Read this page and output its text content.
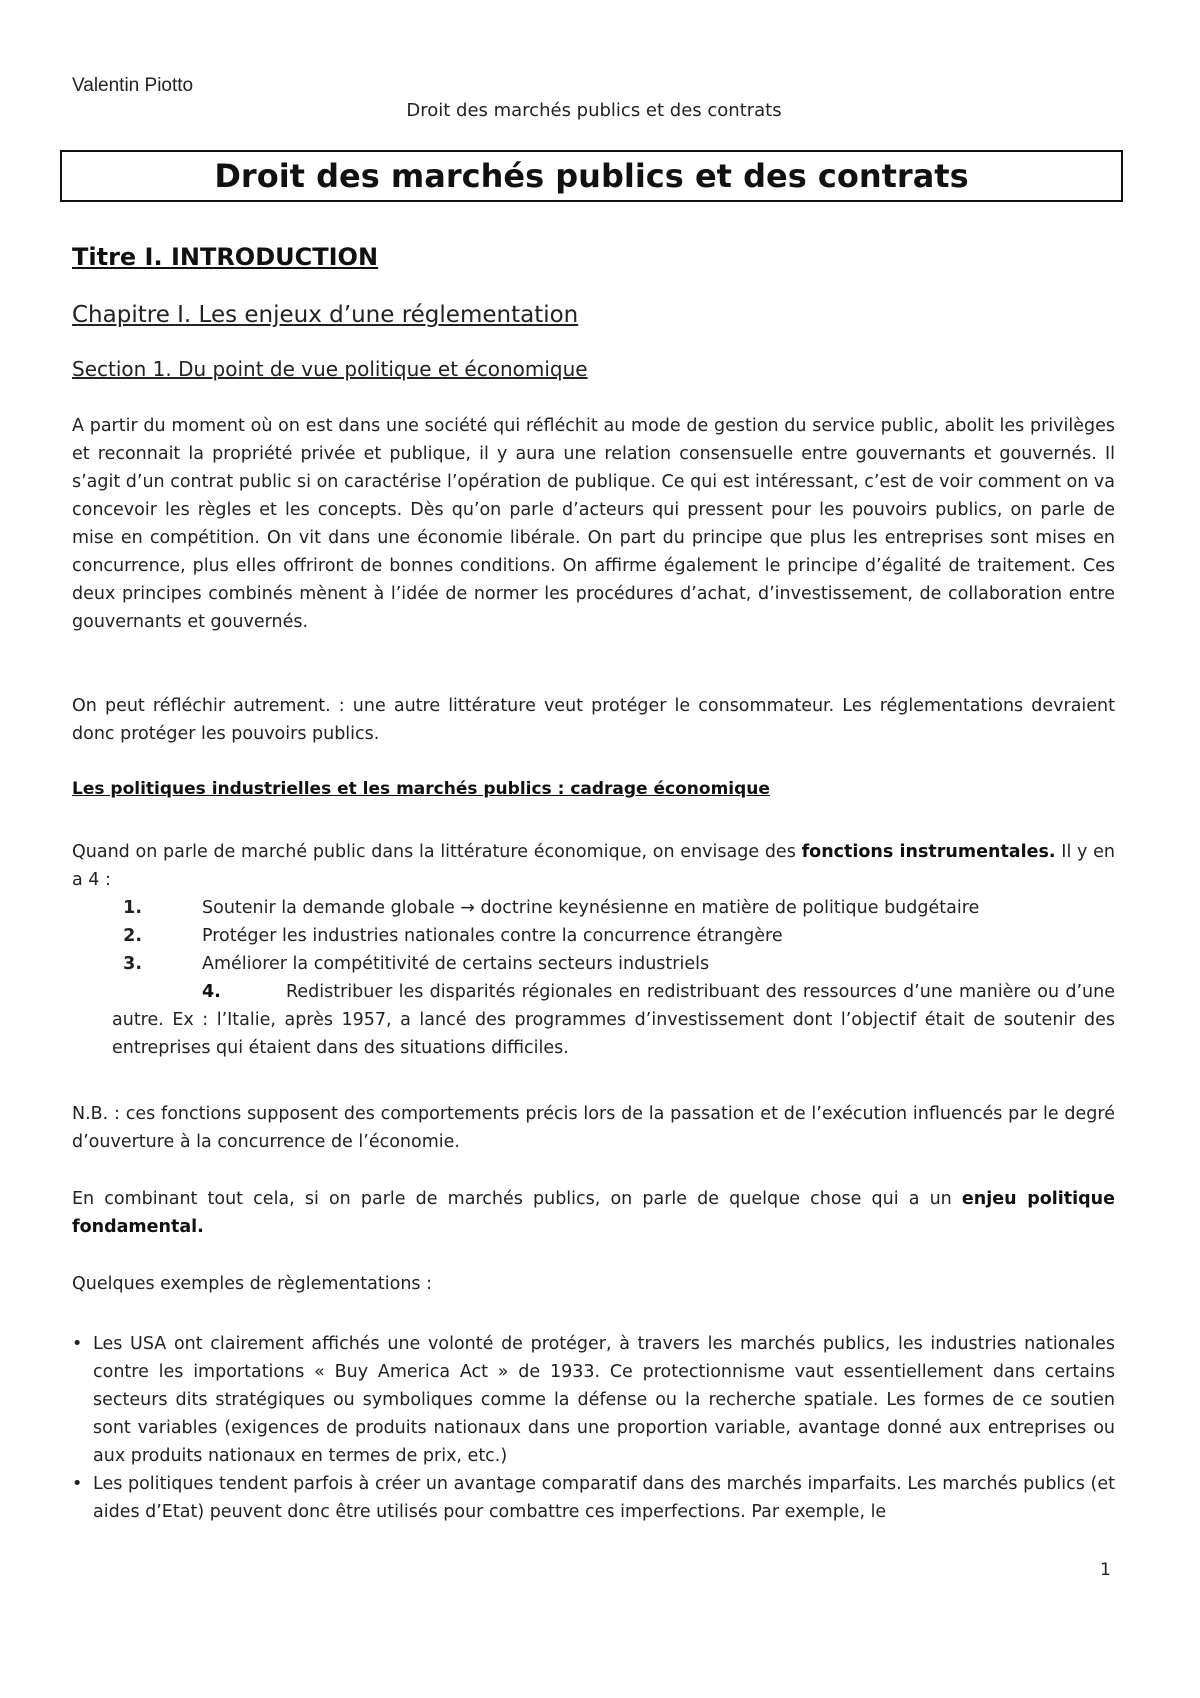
Valentin Piotto
Droit des marchés publics et des contrats
Droit des marchés publics et des contrats
Titre I. INTRODUCTION
Chapitre I. Les enjeux d’une réglementation
Section 1. Du point de vue politique et économique

A partir du moment où on est dans une société qui réfléchit au mode de gestion du service public, abolit les privilèges et reconnait la propriété privée et publique, il y aura une relation consensuelle entre gouvernants et gouvernés. Il s’agit d’un contrat public si on caractérise l’opération de publique. Ce qui est intéressant, c’est de voir comment on va concevoir les règles et les concepts. Dès qu’on parle d’acteurs qui pressent pour les pouvoirs publics, on parle de mise en compétition. On vit dans une économie libérale. On part du principe que plus les entreprises sont mises en concurrence, plus elles offriront de bonnes conditions. On affirme également le principe d’égalité de traitement. Ces deux principes combinés mènent à l’idée de normer les procédures d’achat, d’investissement, de collaboration entre gouvernants et gouvernés.

On peut réfléchir autrement. : une autre littérature veut protéger le consommateur. Les réglementations devraient donc protéger les pouvoirs publics.

Les politiques industrielles et les marchés publics : cadrage économique

Quand on parle de marché public dans la littérature économique, on envisage des fonctions instrumentales. Il y en a 4 :

1.	Soutenir la demande globale → doctrine keynésienne en matière de politique budgétaire
2.	Protéger les industries nationales contre la concurrence étrangère
3.	Améliorer la compétitivité de certains secteurs industriels
4.	Redistribuer les disparités régionales en redistribuant des ressources d’une manière ou d’une autre. Ex : l’Italie, après 1957, a lancé des programmes d’investissement dont l’objectif était de soutenir des entreprises qui étaient dans des situations difficiles.

N.B. : ces fonctions supposent des comportements précis lors de la passation et de l’exécution influencés par le degré d’ouverture à la concurrence de l’économie.

En combinant tout cela, si on parle de marchés publics, on parle de quelque chose qui a un enjeu politique fondamental.

Quelques exemples de règlementations :

• Les USA ont clairement affichés une volonté de protéger, à travers les marchés publics, les industries nationales contre les importations « Buy America Act » de 1933. Ce protectionnisme vaut essentiellement dans certains secteurs dits stratégiques ou symboliques comme la défense ou la recherche spatiale. Les formes de ce soutien sont variables (exigences de produits nationaux dans une proportion variable, avantage donné aux entreprises ou aux produits nationaux en termes de prix, etc.)
• Les politiques tendent parfois à créer un avantage comparatif dans des marchés imparfaits. Les marchés publics (et aides d’Etat) peuvent donc être utilisés pour combattre ces imperfections. Par exemple, le
1
